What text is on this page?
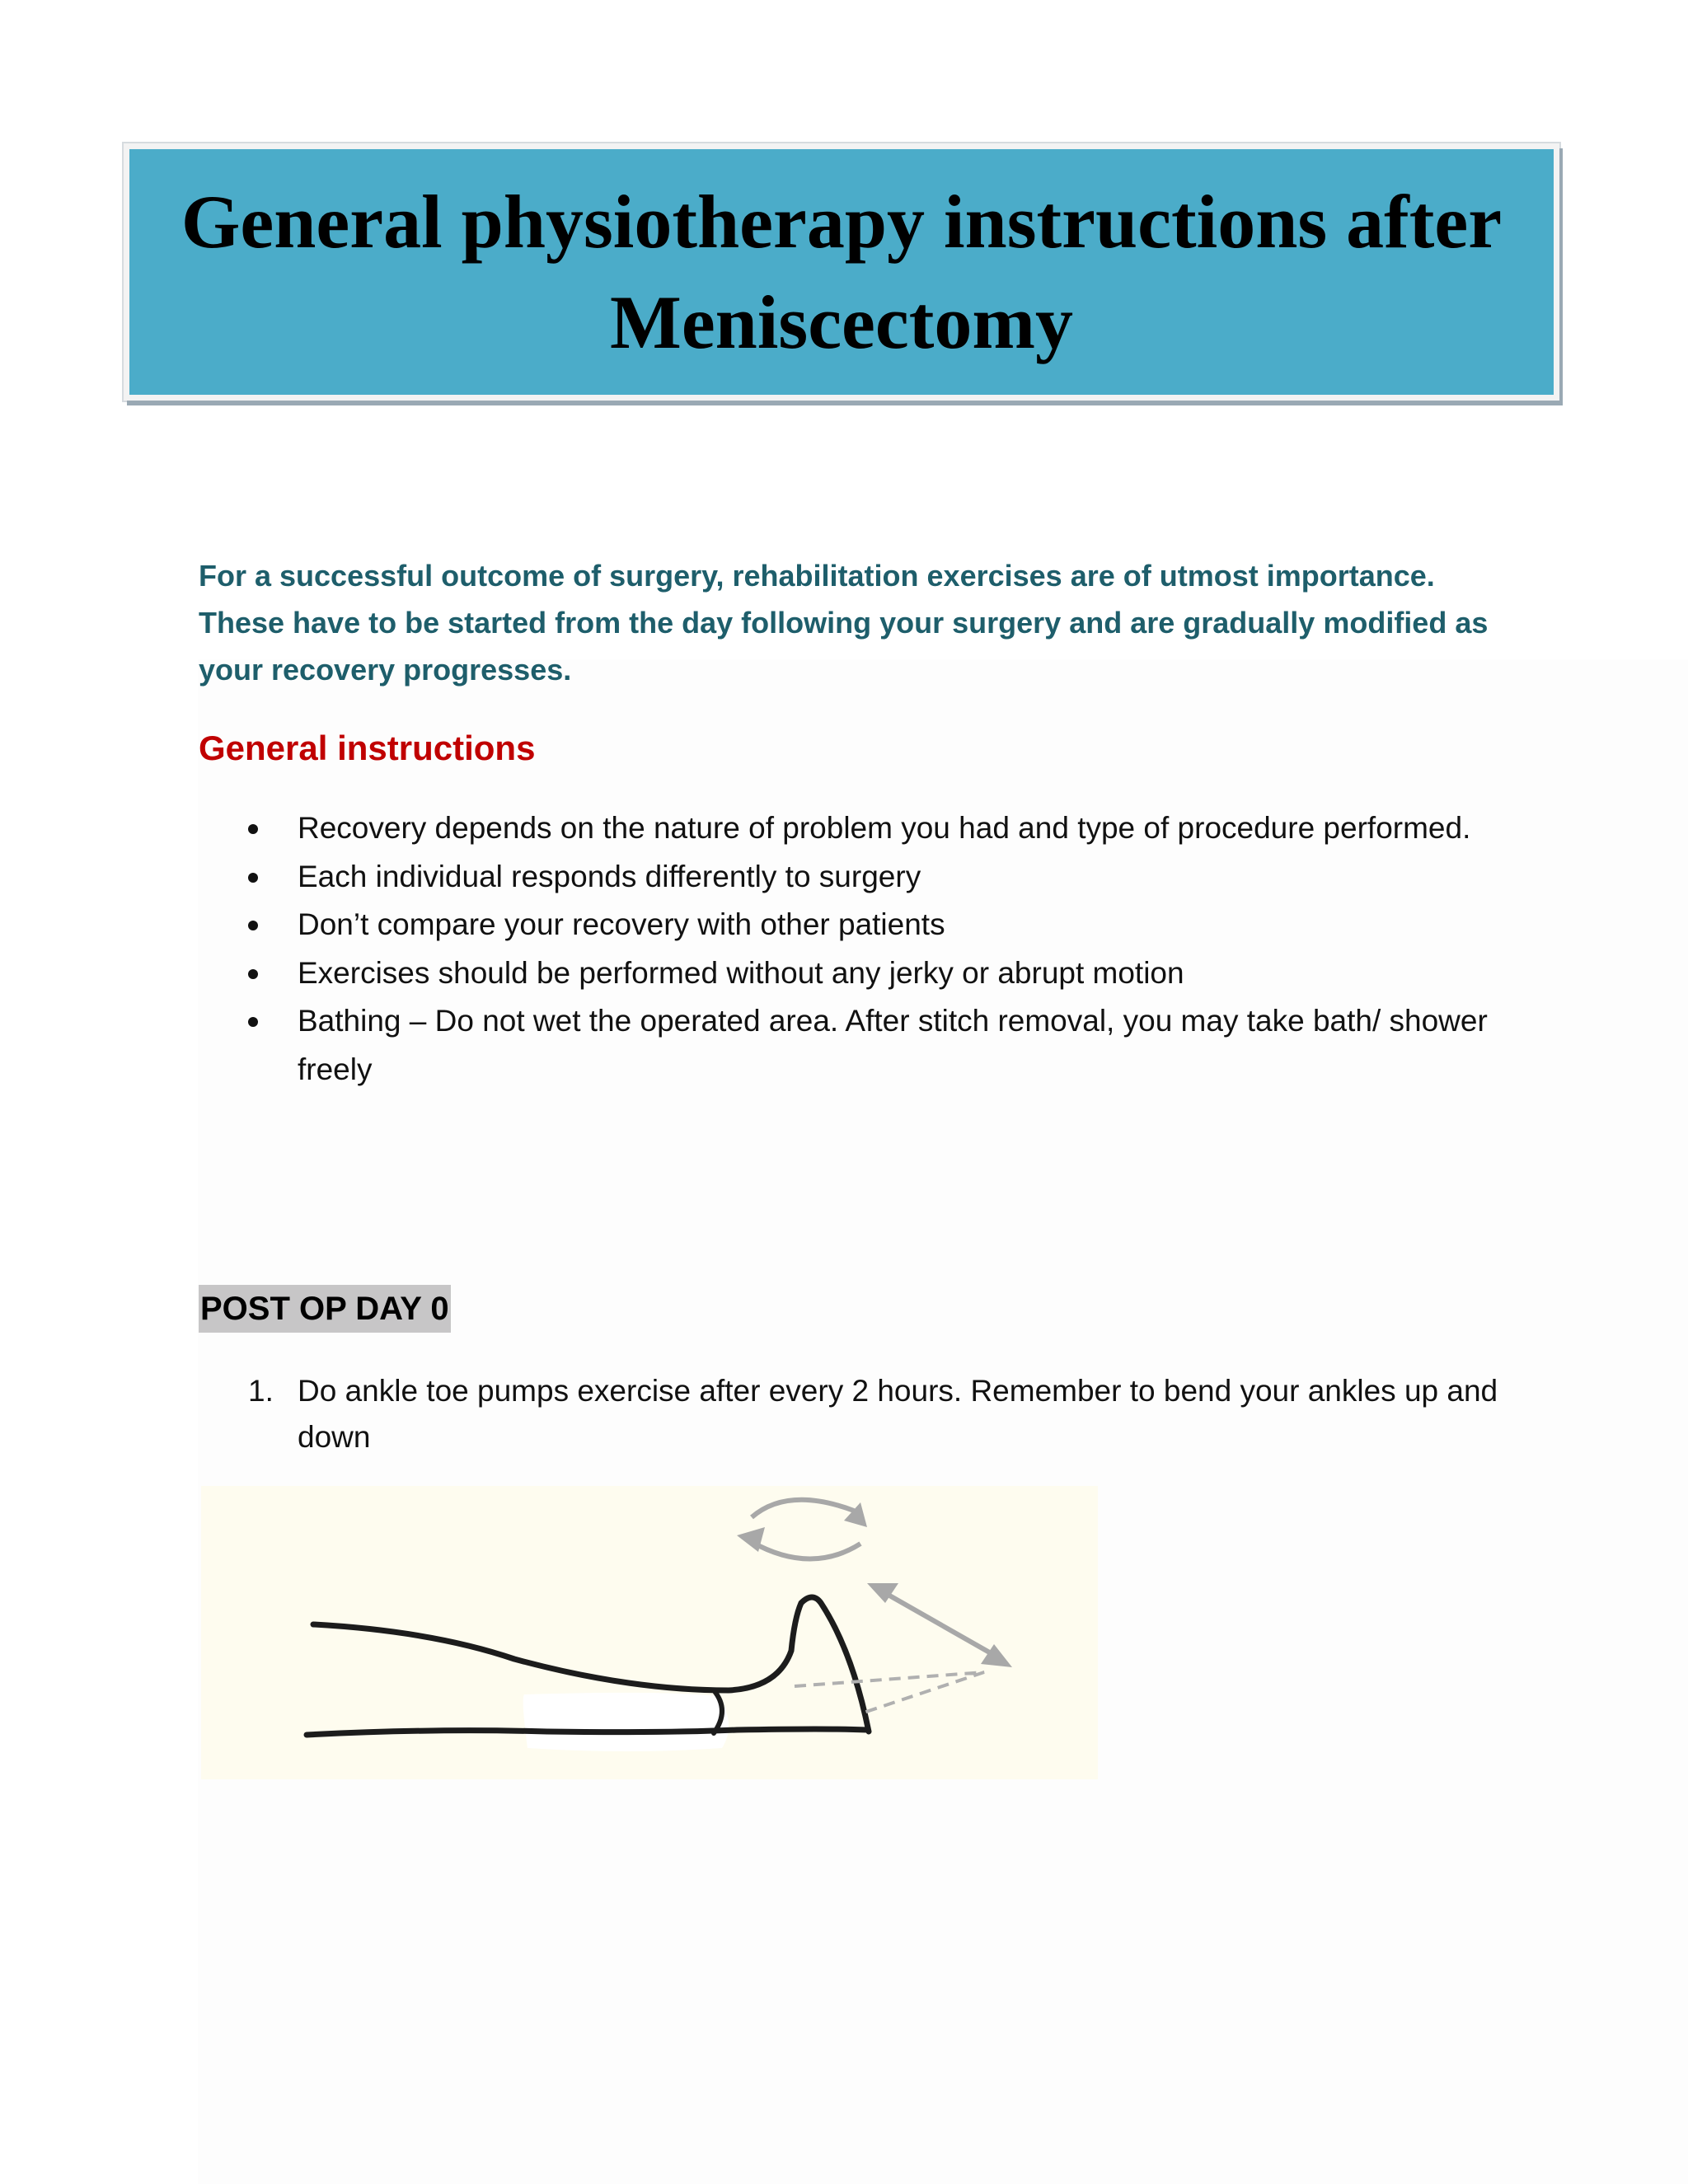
General physiotherapy instructions after Meniscectomy

For a successful outcome of surgery, rehabilitation exercises are of utmost importance. These have to be started from the day following your surgery and are gradually modified as your recovery progresses.

General instructions
Recovery depends on the nature of problem you had and type of procedure performed.
Each individual responds differently to surgery
Don’t compare your recovery with other patients
Exercises should be performed without any jerky or abrupt motion
Bathing – Do not wet the operated area. After stitch removal, you may take bath/ shower freely
POST OP DAY 0
1. Do ankle toe pumps exercise after every 2 hours. Remember to bend your ankles up and down
